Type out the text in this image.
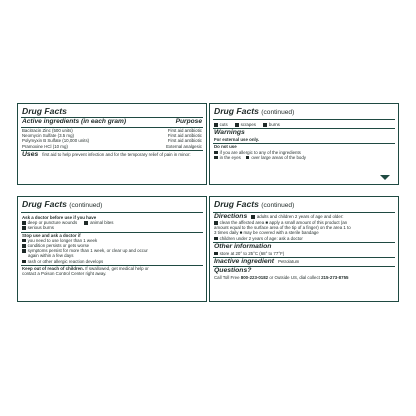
Drug Facts
Active ingredients (in each gram)	Purpose
Bacitracin Zinc (500 units)	First aid antibiotic
Neomycin Sulfate (3.5 mg)	First aid antibiotic
Polymyxin B Sulfate (10,000 units)	First aid antibiotic
Pramoxine HCl (10 mg)	External analgesic
Uses first aid to help prevent infection and for the temporary relief of pain in minor:
Drug Facts (continued)
cuts	scrapes	burns
Warnings
For external use only.
Do not use
if you are allergic to any of the ingredients
in the eyes over large areas of the body
Drug Facts (continued)
Ask a doctor before use if you have
deep or puncture wounds	animal bites
serious burns
Stop use and ask a doctor if
you need to use longer than 1 week
condition persists or gets worse
symptoms persist for more than 1 week, or clear up and occur
again within a few days
rash or other allergic reaction develops
Keep out of reach of children. If swallowed, get medical help or
contact a Poison Control Center right away.
Drug Facts (continued)
Directions	adults and children 2 years of age and older:
clean the affected area ■ apply a small amount of this product (an
amount equal to the surface area of the tip of a finger) on the area 1 to
3 times daily ■ may be covered with a sterile bandage
children under 2 years of age: ask a doctor
Other information
store at 20° to 25°C (68° to 77°F)
Inactive ingredient Petrolatum
Questions?
Call Toll Free 800-223-0182 or Outside US, dial collect 215-273-8755
